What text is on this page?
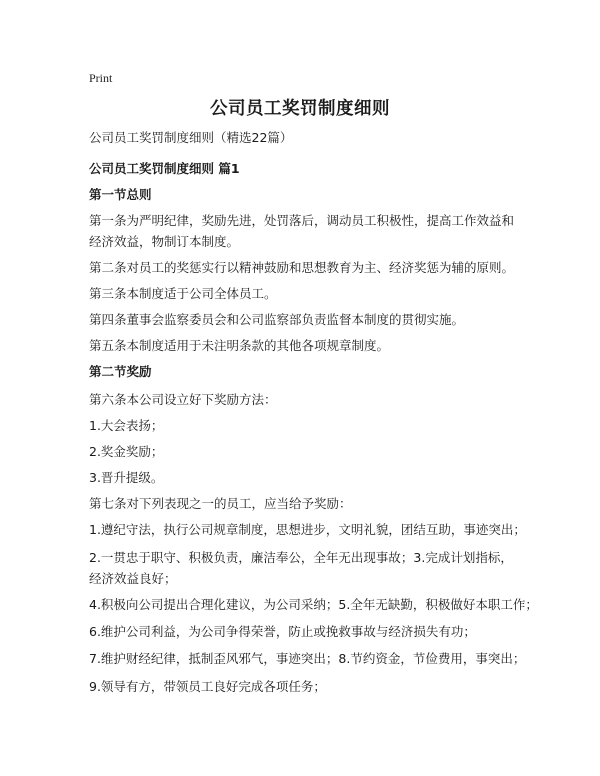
Print
公司员工奖罚制度细则
公司员工奖罚制度细则（精选22篇）
公司员工奖罚制度细则 篇1
第一节总则
第一条为严明纪律，奖励先进，处罚落后，调动员工积极性，提高工作效益和经济效益，物制订本制度。
第二条对员工的奖惩实行以精神鼓励和思想教育为主、经济奖惩为辅的原则。
第三条本制度适于公司全体员工。
第四条董事会监察委员会和公司监察部负责监督本制度的贯彻实施。
第五条本制度适用于未注明条款的其他各项规章制度。
第二节奖励
第六条本公司设立好下奖励方法：
1.大会表扬；
2.奖金奖励；
3.晋升提级。
第七条对下列表现之一的员工，应当给予奖励：
1.遵纪守法，执行公司规章制度，思想进步，文明礼貌，团结互助，事迹突出；
2.一贯忠于职守、积极负责，廉洁奉公，全年无出现事故；3.完成计划指标，经济效益良好；
4.积极向公司提出合理化建议，为公司采纳；5.全年无缺勤，积极做好本职工作；
6.维护公司利益，为公司争得荣誉，防止或挽救事故与经济损失有功；
7.维护财经纪律，抵制歪风邪气，事迹突出；8.节约资金，节俭费用，事突出；
9.领导有方，带领员工良好完成各项任务；
